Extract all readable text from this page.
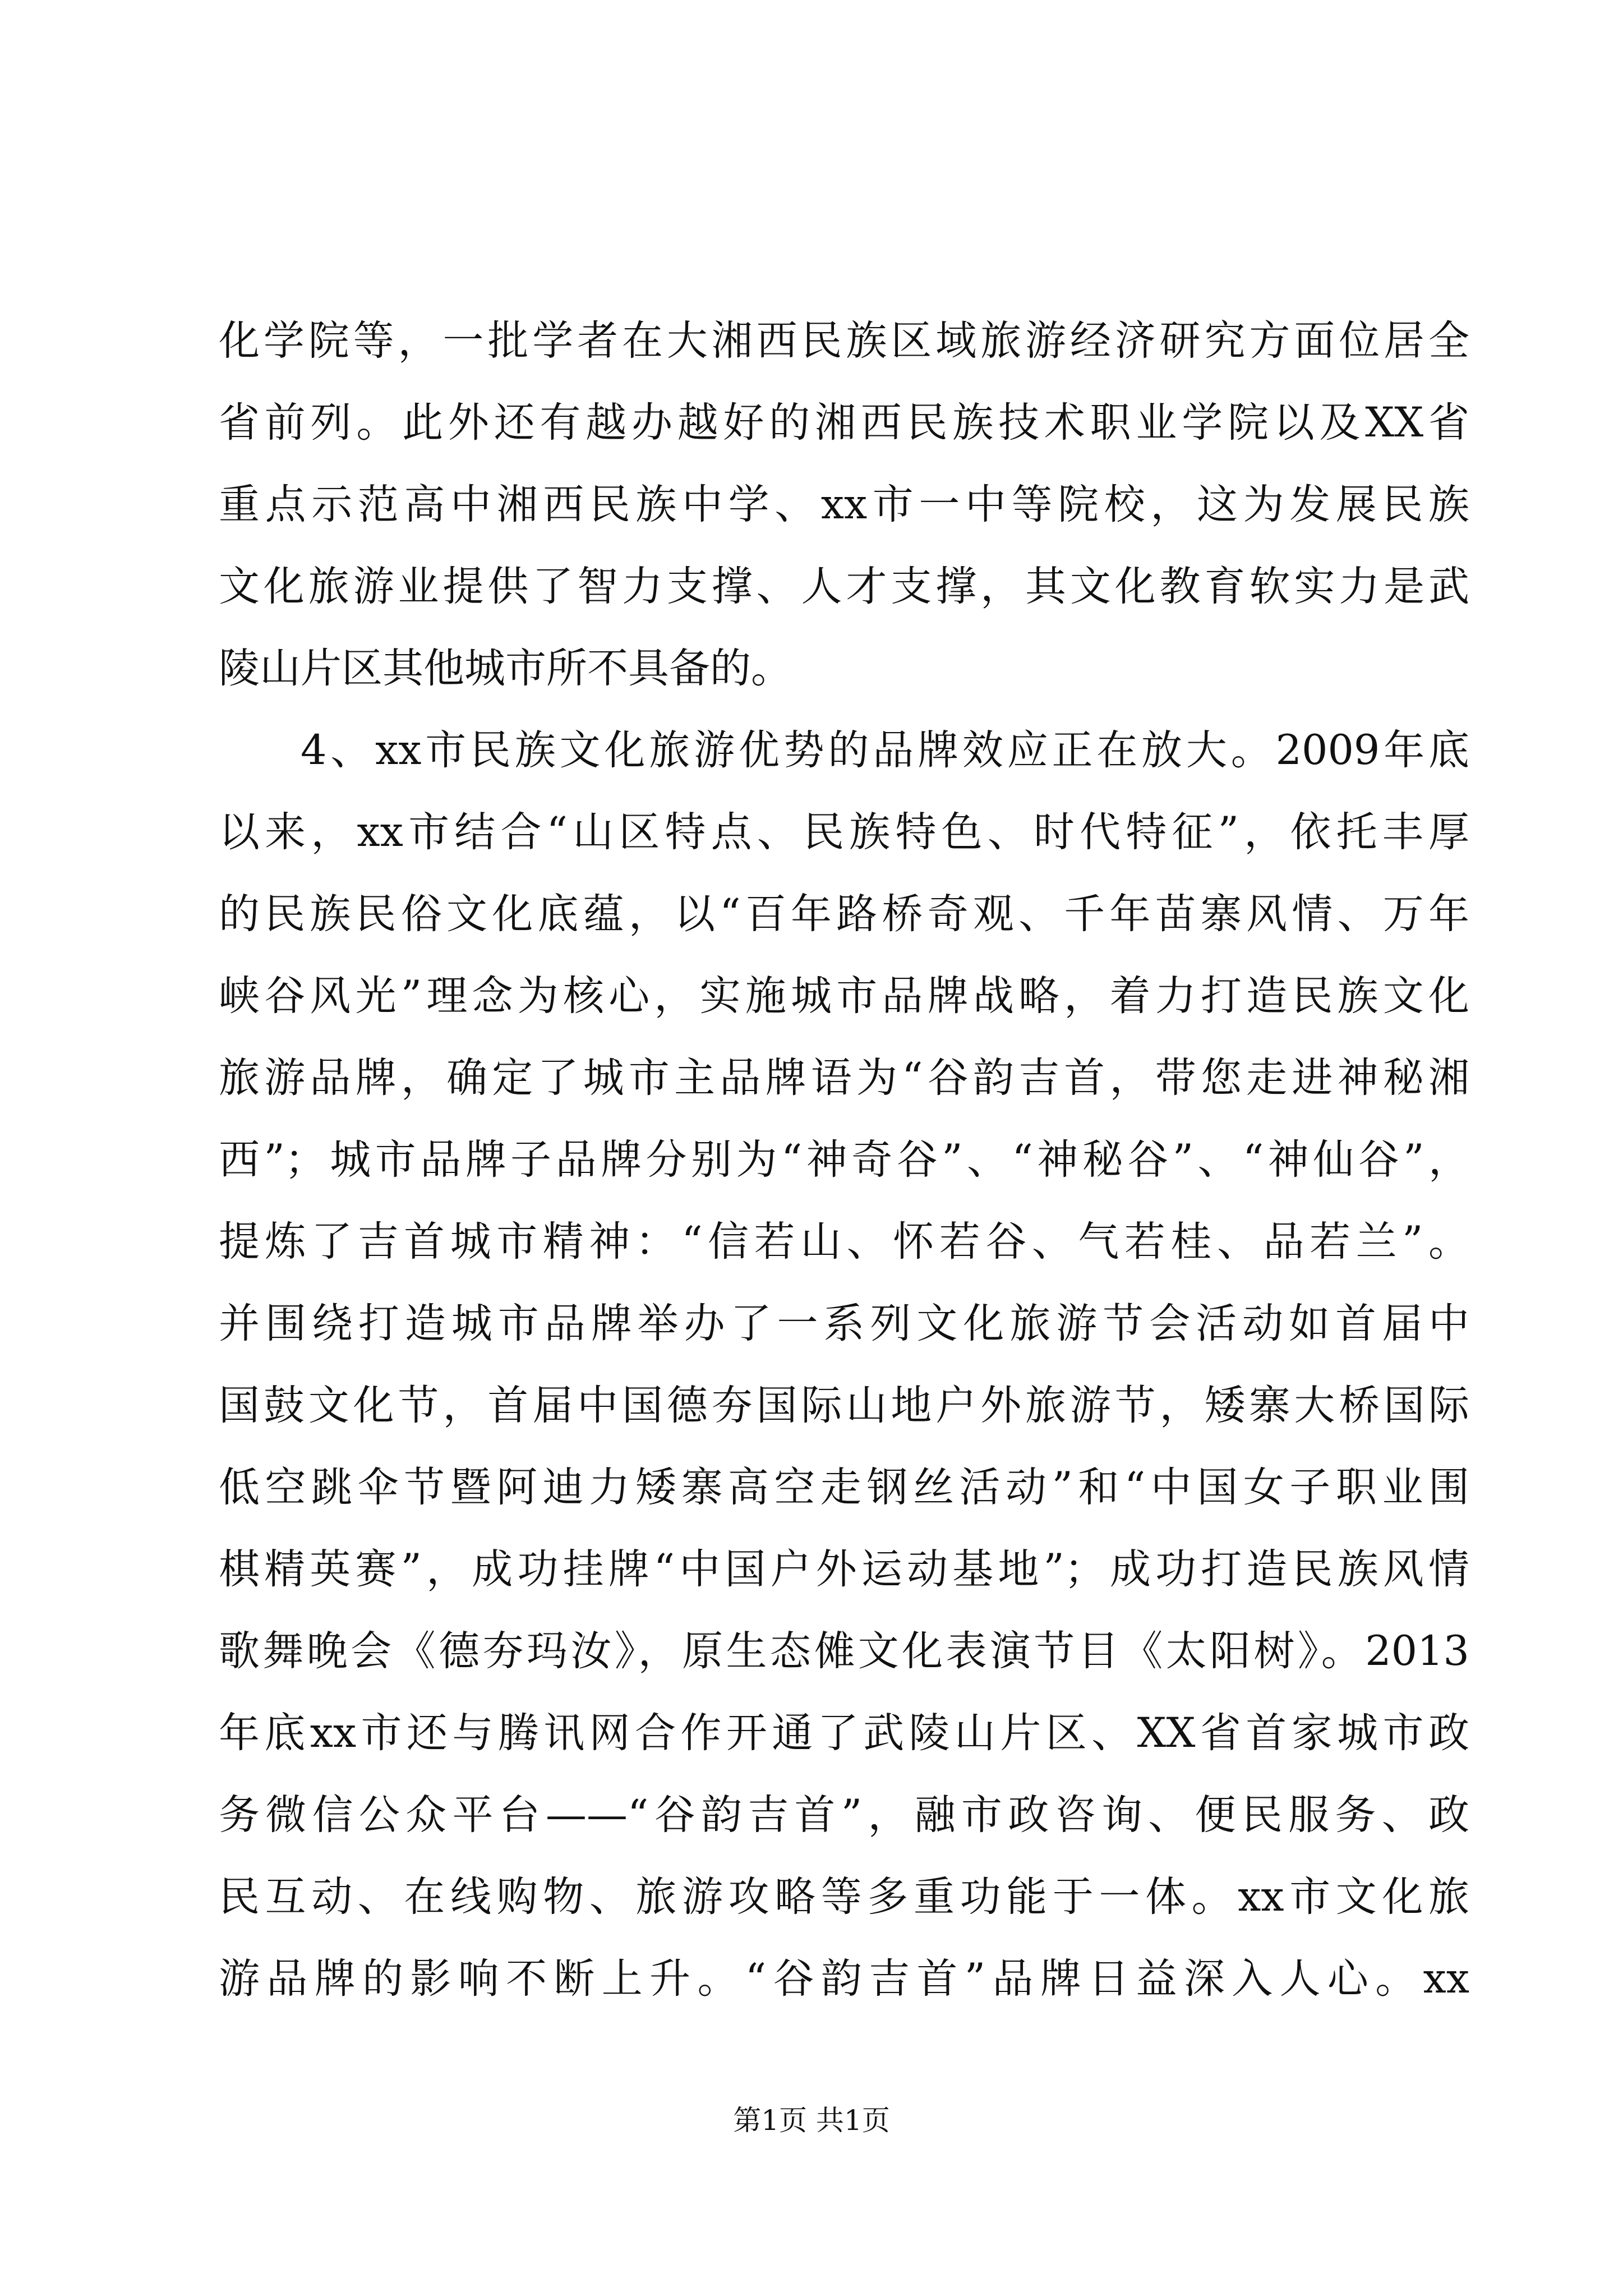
化学院等，一批学者在大湘西民族区域旅游经济研究方面位居全
省前列。此外还有越办越好的湘西民族技术职业学院以及XX省
重点示范高中湘西民族中学、xx市一中等院校，这为发展民族
文化旅游业提供了智力支撑、人才支撑，其文化教育软实力是武
陵山片区其他城市所不具备的。
4、xx市民族文化旅游优势的品牌效应正在放大。2009年底
以来，xx市结合“山区特点、民族特色、时代特征”，依托丰厚
的民族民俗文化底蕴，以“百年路桥奇观、千年苗寨风情、万年
峡谷风光”理念为核心，实施城市品牌战略，着力打造民族文化
旅游品牌，确定了城市主品牌语为“谷韵吉首，带您走进神秘湘
西”；城市品牌子品牌分别为“神奇谷”、“神秘谷”、“神仙谷”，
提炼了吉首城市精神：“信若山、怀若谷、气若桂、品若兰”。
并围绕打造城市品牌举办了一系列文化旅游节会活动如首届中
国鼓文化节，首届中国德夯国际山地户外旅游节，矮寨大桥国际
低空跳伞节暨阿迪力矮寨高空走钢丝活动”和“中国女子职业围
棋精英赛”，成功挂牌“中国户外运动基地”；成功打造民族风情
歌舞晚会《德夯玛汝》，原生态傩文化表演节目《太阳树》。2013
年底xx市还与腾讯网合作开通了武陵山片区、XX省首家城市政
务微信公众平台——“谷韵吉首”，融市政咨询、便民服务、政
民互动、在线购物、旅游攻略等多重功能于一体。xx市文化旅
游品牌的影响不断上升。“谷韵吉首”品牌日益深入人心。xx
第1页 共1页
